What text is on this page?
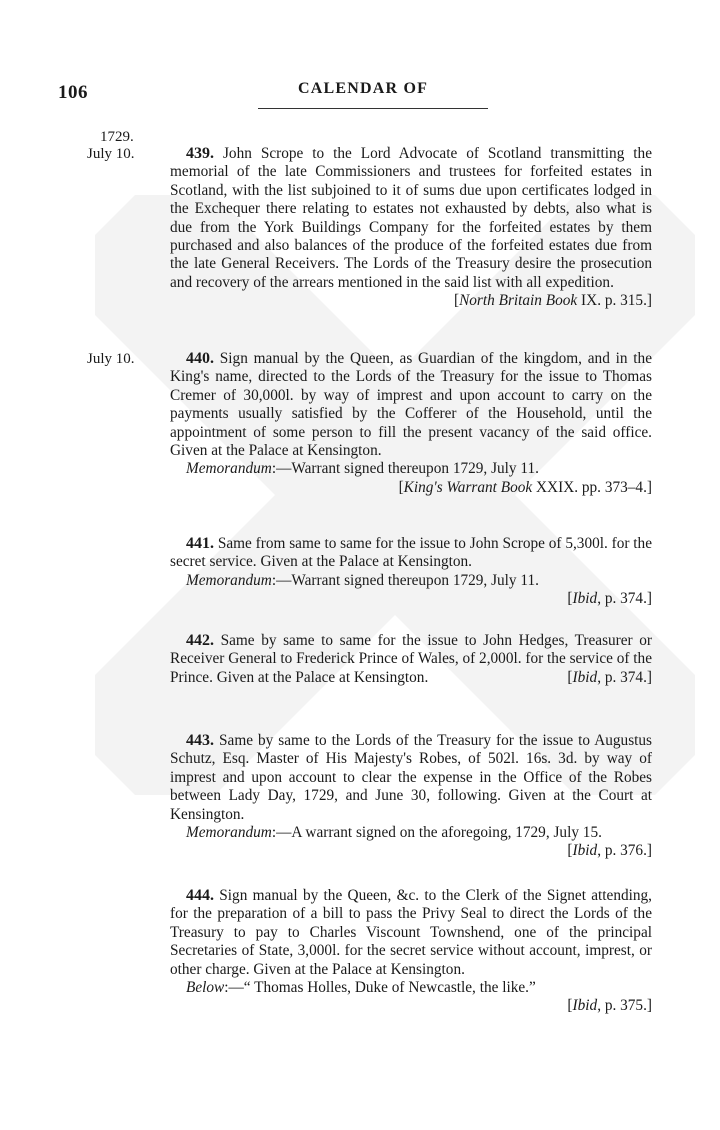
106	CALENDAR OF
1729.
July 10.
July 10.

439. John Scrope to the Lord Advocate of Scotland transmitting the memorial of the late Commissioners and trustees for forfeited estates in Scotland, with the list subjoined to it of sums due upon certificates lodged in the Exchequer there relating to estates not exhausted by debts, also what is due from the York Buildings Company for the forfeited estates by them purchased and also balances of the produce of the forfeited estates due from the late General Receivers. The Lords of the Treasury desire the prosecution and recovery of the arrears mentioned in the said list with all expedition.
[North Britain Book IX. p. 315.]

440. Sign manual by the Queen, as Guardian of the kingdom, and in the King's name, directed to the Lords of the Treasury for the issue to Thomas Cremer of 30,000l. by way of imprest and upon account to carry on the payments usually satisfied by the Cofferer of the Household, until the appointment of some person to fill the present vacancy of the said office. Given at the Palace at Kensington.

Memorandum:—Warrant signed thereupon 1729, July 11.
[King's Warrant Book XXIX. pp. 373–4.]

441. Same from same to same for the issue to John Scrope of 5,300l. for the secret service. Given at the Palace at Kensington.

Memorandum:—Warrant signed thereupon 1729, July 11.
[Ibid, p. 374.]

442. Same by same to same for the issue to John Hedges, Treasurer or Receiver General to Frederick Prince of Wales, of 2,000l. for the service of the Prince. Given at the Palace at Kensington.	[Ibid, p. 374.]

443. Same by same to the Lords of the Treasury for the issue to Augustus Schutz, Esq. Master of His Majesty's Robes, of 502l. 16s. 3d. by way of imprest and upon account to clear the expense in the Office of the Robes between Lady Day, 1729, and June 30, following. Given at the Court at Kensington.

Memorandum:—A warrant signed on the aforegoing, 1729, July 15.
[Ibid, p. 376.]

444. Sign manual by the Queen, &c. to the Clerk of the Signet attending, for the preparation of a bill to pass the Privy Seal to direct the Lords of the Treasury to pay to Charles Viscount Townshend, one of the principal Secretaries of State, 3,000l. for the secret service without account, imprest, or other charge. Given at the Palace at Kensington.

Below:—“ Thomas Holles, Duke of Newcastle, the like.”
[Ibid, p. 375.]
